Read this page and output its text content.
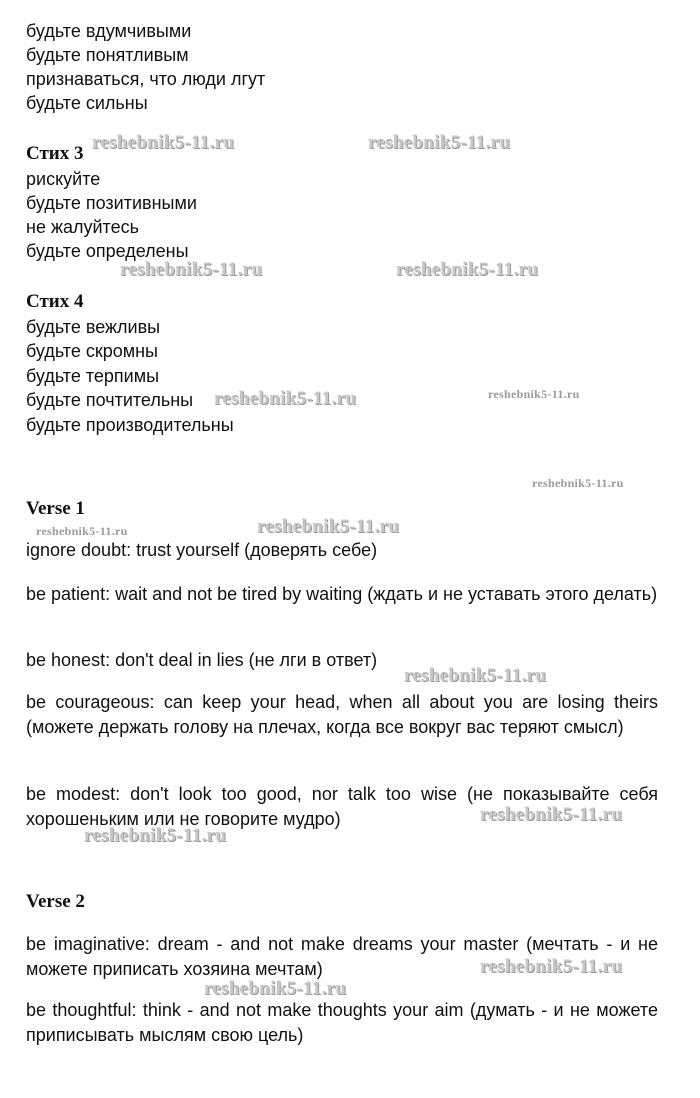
будьте вдумчивыми

будьте понятливым

признаваться, что люди лгут

будьте сильны

Стих 3

рискуйте

будьте позитивными

не жалуйтесь

будьте определены

Стих 4

будьте вежливы

будьте скромны

будьте терпимы

будьте почтительны

будьте производительны

Verse 1

ignore doubt: trust yourself (доверять себе)

be patient: wait and not be tired by waiting (ждать и не уставать этого делать)

be honest: don't deal in lies (не лги в ответ)

be courageous: can keep your head, when all about you are losing theirs (можете держать голову на плечах, когда все вокруг вас теряют смысл)

be modest: don't look too good, nor talk too wise (не показывайте себя хорошеньким или не говорите мудро)

Verse 2

be imaginative: dream - and not make dreams your master (мечтать - и не можете приписать хозяина мечтам)

be thoughtful: think - and not make thoughts your aim (думать - и не можете приписывать мыслям свою цель)

reshebnik5-11.ru	reshebnik5-11.ru
reshebnik5-11.ru	reshebnik5-11.ru
reshebnik5-11.ru	reshebnik5-11.ru
reshebnik5-11.ru
reshebnik5-11.ru	reshebnik5-11.ru
reshebnik5-11.ru
reshebnik5-11.ru
reshebnik5-11.ru
reshebnik5-11.ru
reshebnik5-11.ru
